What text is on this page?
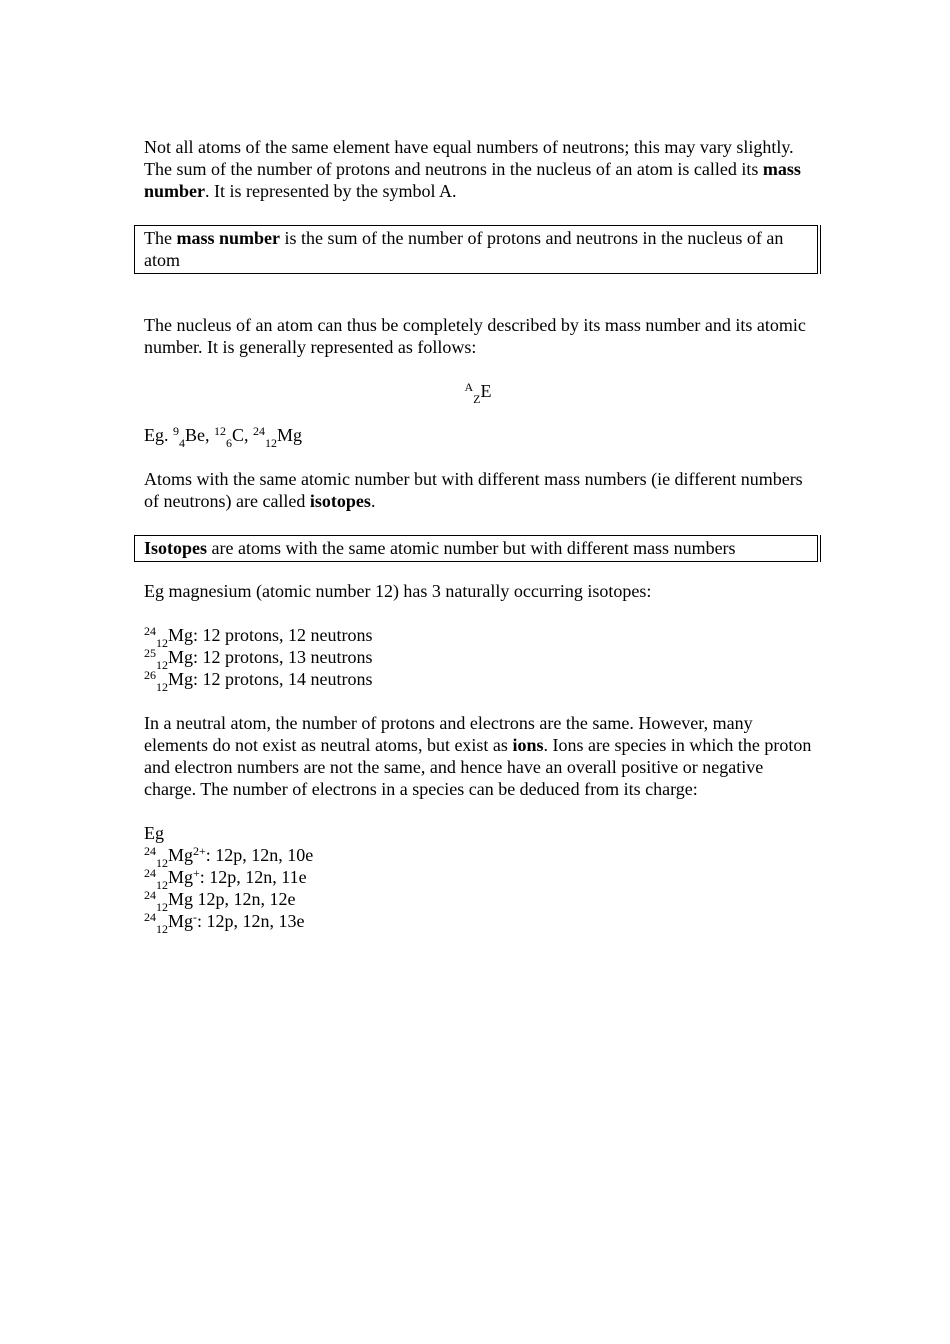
Not all atoms of the same element have equal numbers of neutrons; this may vary slightly. The sum of the number of protons and neutrons in the nucleus of an atom is called its mass number. It is represented by the symbol A.

The mass number is the sum of the number of protons and neutrons in the nucleus of an atom

The nucleus of an atom can thus be completely described by its mass number and its atomic number. It is generally represented as follows:

$^A_Z$E
Eg. $^9_4$Be, $^{12}_6$C, $^{24}_{12}$Mg

Atoms with the same atomic number but with different mass numbers (ie different numbers of neutrons) are called isotopes.

Isotopes are atoms with the same atomic number but with different mass numbers

Eg magnesium (atomic number 12) has 3 naturally occurring isotopes:

$^{24}_{12}$Mg: 12 protons, 12 neutrons
$^{25}_{12}$Mg: 12 protons, 13 neutrons
$^{26}_{12}$Mg: 12 protons, 14 neutrons

In a neutral atom, the number of protons and electrons are the same. However, many elements do not exist as neutral atoms, but exist as ions. Ions are species in which the proton and electron numbers are not the same, and hence have an overall positive or negative charge. The number of electrons in a species can be deduced from its charge:

Eg
$^{24}_{12}Mg^{2+}$: 12p, 12n, 10e
$^{24}_{12}$Mg+: 12p, 12n, 11e
$^{24}_{12}$Mg 12p, 12n, 12e
$^{24}_{12}$Mg-: 12p, 12n, 13e
